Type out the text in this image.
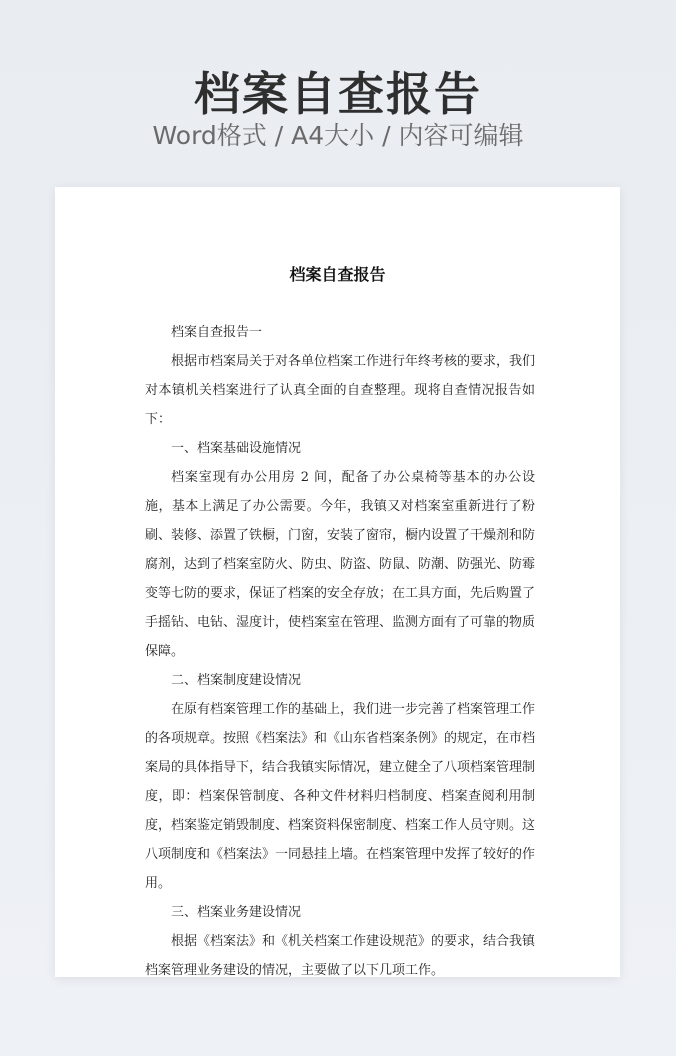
档案自查报告
Word格式 / A4大小 / 内容可编辑
档案自查报告

档案自查报告一

根据市档案局关于对各单位档案工作进行年终考核的要求，我们对本镇机关档案进行了认真全面的自查整理。现将自查情况报告如下：

一、档案基础设施情况

档案室现有办公用房 2 间，配备了办公桌椅等基本的办公设施，基本上满足了办公需要。今年，我镇又对档案室重新进行了粉刷、装修、添置了铁橱，门窗，安装了窗帘，橱内设置了干燥剂和防腐剂，达到了档案室防火、防虫、防盗、防鼠、防潮、防强光、防霉变等七防的要求，保证了档案的安全存放；在工具方面，先后购置了手摇钻、电钻、湿度计，使档案室在管理、监测方面有了可靠的物质保障。

二、档案制度建设情况

在原有档案管理工作的基础上，我们进一步完善了档案管理工作的各项规章。按照《档案法》和《山东省档案条例》的规定，在市档案局的具体指导下，结合我镇实际情况，建立健全了八项档案管理制度，即：档案保管制度、各种文件材料归档制度、档案查阅利用制度，档案鉴定销毁制度、档案资料保密制度、档案工作人员守则。这八项制度和《档案法》一同悬挂上墙。在档案管理中发挥了较好的作用。

三、档案业务建设情况

根据《档案法》和《机关档案工作建设规范》的要求，结合我镇档案管理业务建设的情况，主要做了以下几项工作。
